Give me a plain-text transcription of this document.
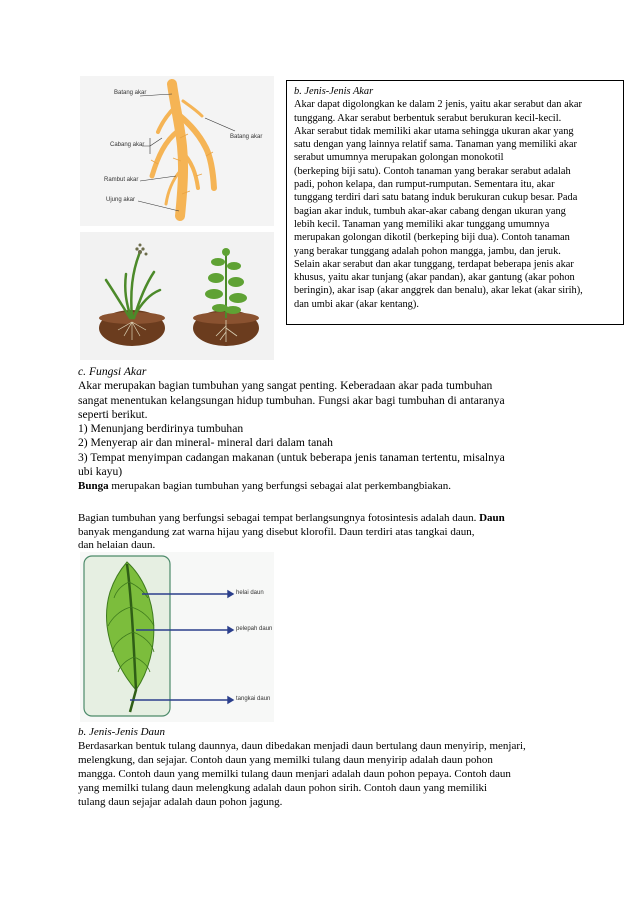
Batang akar
Batang akar
Cabang akar
Rambut akar
Ujung akar
b. Jenis-Jenis Akar
Akar dapat digolongkan ke dalam 2 jenis, yaitu akar serabut dan akar
tunggang. Akar serabut berbentuk serabut berukuran kecil-kecil.
Akar serabut tidak memiliki akar utama sehingga ukuran akar yang
satu dengan yang lainnya relatif sama. Tanaman yang memiliki akar
serabut umumnya merupakan golongan monokotil
(berkeping biji satu). Contoh tanaman yang berakar serabut adalah
padi, pohon kelapa, dan rumput-rumputan. Sementara itu, akar
tunggang terdiri dari satu batang induk berukuran cukup besar. Pada
bagian akar induk, tumbuh akar-akar cabang dengan ukuran yang
lebih kecil. Tanaman yang memiliki akar tunggang umumnya
merupakan golongan dikotil (berkeping biji dua). Contoh tanaman
yang berakar tunggang adalah pohon mangga, jambu, dan jeruk.
Selain akar serabut dan akar tunggang, terdapat beberapa jenis akar
khusus, yaitu akar tunjang (akar pandan), akar gantung (akar pohon
beringin), akar isap (akar anggrek dan benalu), akar lekat (akar sirih),
dan umbi akar (akar kentang).
c. Fungsi Akar
Akar merupakan bagian tumbuhan yang sangat penting. Keberadaan akar pada tumbuhan
sangat menentukan kelangsungan hidup tumbuhan. Fungsi akar bagi tumbuhan di antaranya
seperti berikut.
1) Menunjang berdirinya tumbuhan
2) Menyerap air dan mineral- mineral dari dalam tanah
3) Tempat menyimpan cadangan makanan (untuk beberapa jenis tanaman tertentu, misalnya
ubi kayu)
Bunga merupakan bagian tumbuhan yang berfungsi sebagai alat perkembangbiakan.
Bagian tumbuhan yang berfungsi sebagai tempat berlangsungnya fotosintesis adalah daun. Daun
banyak mengandung zat warna hijau yang disebut klorofil. Daun terdiri atas tangkai daun,
dan helaian daun.
helai daun
pelepah daun
tangkai daun
b. Jenis-Jenis Daun
Berdasarkan bentuk tulang daunnya, daun dibedakan menjadi daun bertulang daun menyirip, menjari,
melengkung, dan sejajar. Contoh daun yang memilki tulang daun menyirip adalah daun pohon
mangga. Contoh daun yang memilki tulang daun menjari adalah daun pohon pepaya. Contoh daun
yang memilki tulang daun melengkung adalah daun pohon sirih. Contoh daun yang memiliki
tulang daun sejajar adalah daun pohon jagung.
